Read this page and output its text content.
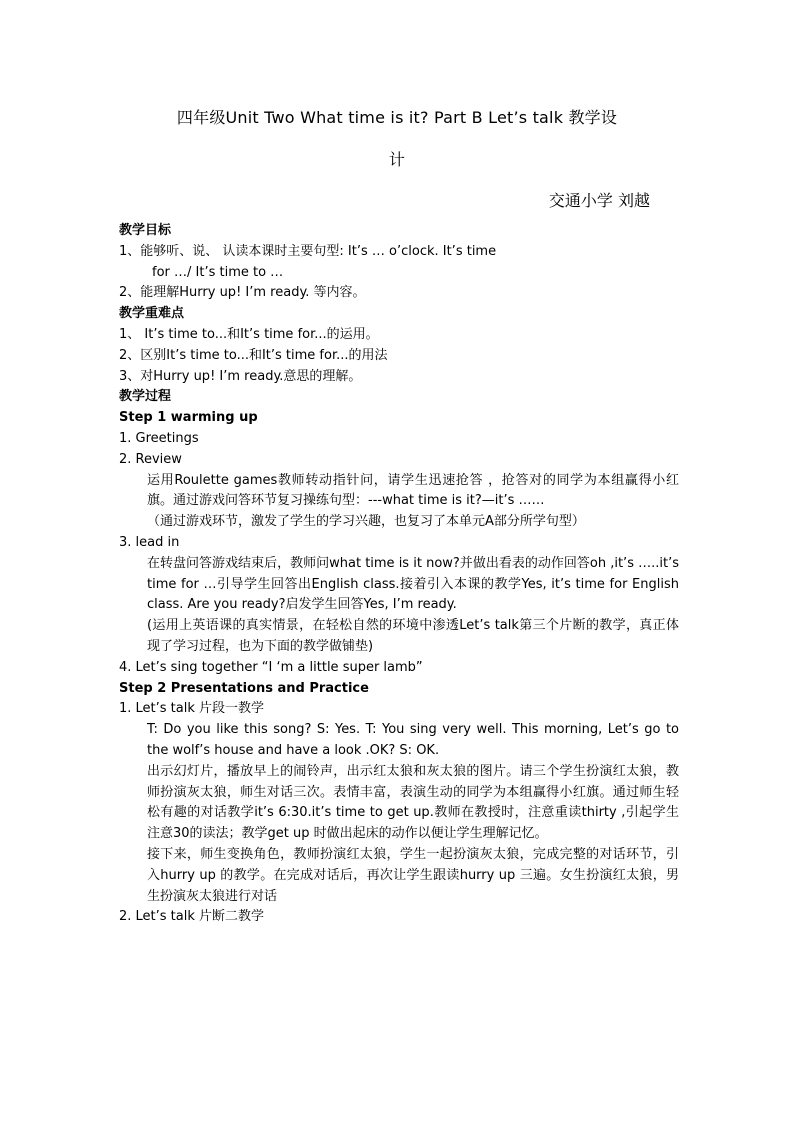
四年级Unit Two What time is it? Part B Let’s talk 教学设
计
交通小学 刘越
教学目标
1、能够听、说、 认读本课时主要句型: It’s … o’clock. It’s time
for …/ It’s time to …
2、能理解Hurry up! I’m ready. 等内容。
教学重难点
1、 It’s time to...和It’s time for...的运用。
2、区别It’s time to...和It’s time for...的用法
3、对Hurry up! I’m ready.意思的理解。
教学过程
Step 1 warming up
1. Greetings
2. Review
运用Roulette games教师转动指针问，请学生迅速抢答 ，抢答对的同学为本组赢得小红旗。通过游戏问答环节复习操练句型：---what time is it?—it’s ……
（通过游戏环节，激发了学生的学习兴趣，也复习了本单元A部分所学句型）
3. lead in
在转盘问答游戏结束后，教师问what time is it now?并做出看表的动作回答oh ,it’s …..it’s time for …引导学生回答出English class.接着引入本课的教学Yes, it’s time for English class. Are you ready?启发学生回答Yes, I’m ready.
(运用上英语课的真实情景，在轻松自然的环境中渗透Let’s talk第三个片断的教学，真正体现了学习过程，也为下面的教学做铺垫)
4. Let’s sing together “I ‘m a little super lamb”
Step 2 Presentations and Practice
1. Let’s talk 片段一教学
T: Do you like this song? S: Yes. T: You sing very well. This morning, Let’s go to the wolf’s house and have a look .OK? S: OK.
出示幻灯片，播放早上的闹铃声，出示红太狼和灰太狼的图片。请三个学生扮演红太狼，教师扮演灰太狼，师生对话三次。表情丰富，表演生动的同学为本组赢得小红旗。通过师生轻松有趣的对话教学it’s 6:30.it’s time to get up.教师在教授时，注意重读thirty ,引起学生注意30的读法；教学get up 时做出起床的动作以便让学生理解记忆。
接下来，师生变换角色，教师扮演红太狼，学生一起扮演灰太狼，完成完整的对话环节，引入hurry up 的教学。在完成对话后，再次让学生跟读hurry up 三遍。女生扮演红太狼，男生扮演灰太狼进行对话
2. Let’s talk 片断二教学
